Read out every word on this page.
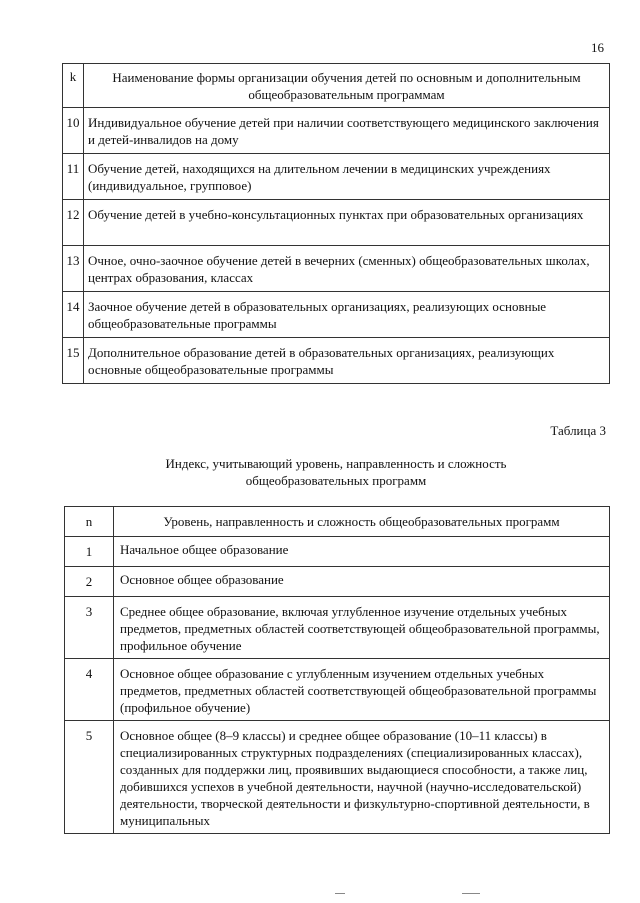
16
k	Наименование формы организации обучения детей по основным и дополнительным общеобразовательным программам
10	Индивидуальное обучение детей при наличии соответствующего медицинского заключения и детей-инвалидов на дому
11	Обучение детей, находящихся на длительном лечении в медицинских учреждениях (индивидуальное, групповое)
12	Обучение детей в учебно-консультационных пунктах при образовательных организациях
13	Очное, очно-заочное обучение детей в вечерних (сменных) общеобразовательных школах, центрах образования, классах
14	Заочное обучение детей в образовательных организациях, реализующих основные общеобразовательные программы
15	Дополнительное образование детей в образовательных организациях, реализующих основные общеобразовательные программы
Таблица 3
Индекс, учитывающий уровень, направленность и сложность
общеобразовательных программ
n	Уровень, направленность и сложность общеобразовательных программ
1	Начальное общее образование
2	Основное общее образование
3	Среднее общее образование, включая углубленное изучение отдельных учебных предметов, предметных областей соответствующей общеобразовательной программы, профильное обучение
4	Основное общее образование с углубленным изучением отдельных учебных предметов, предметных областей соответствующей общеобразовательной программы (профильное обучение)
5	Основное общее (8–9 классы) и среднее общее образование (10–11 классы) в специализированных структурных подразделениях (специализированных классах), созданных для поддержки лиц, проявивших выдающиеся способности, а также лиц, добившихся успехов в учебной деятельности, научной (научно-исследовательской) деятельности, творческой деятельности и физкультурно-спортивной деятельности, в муниципальных
